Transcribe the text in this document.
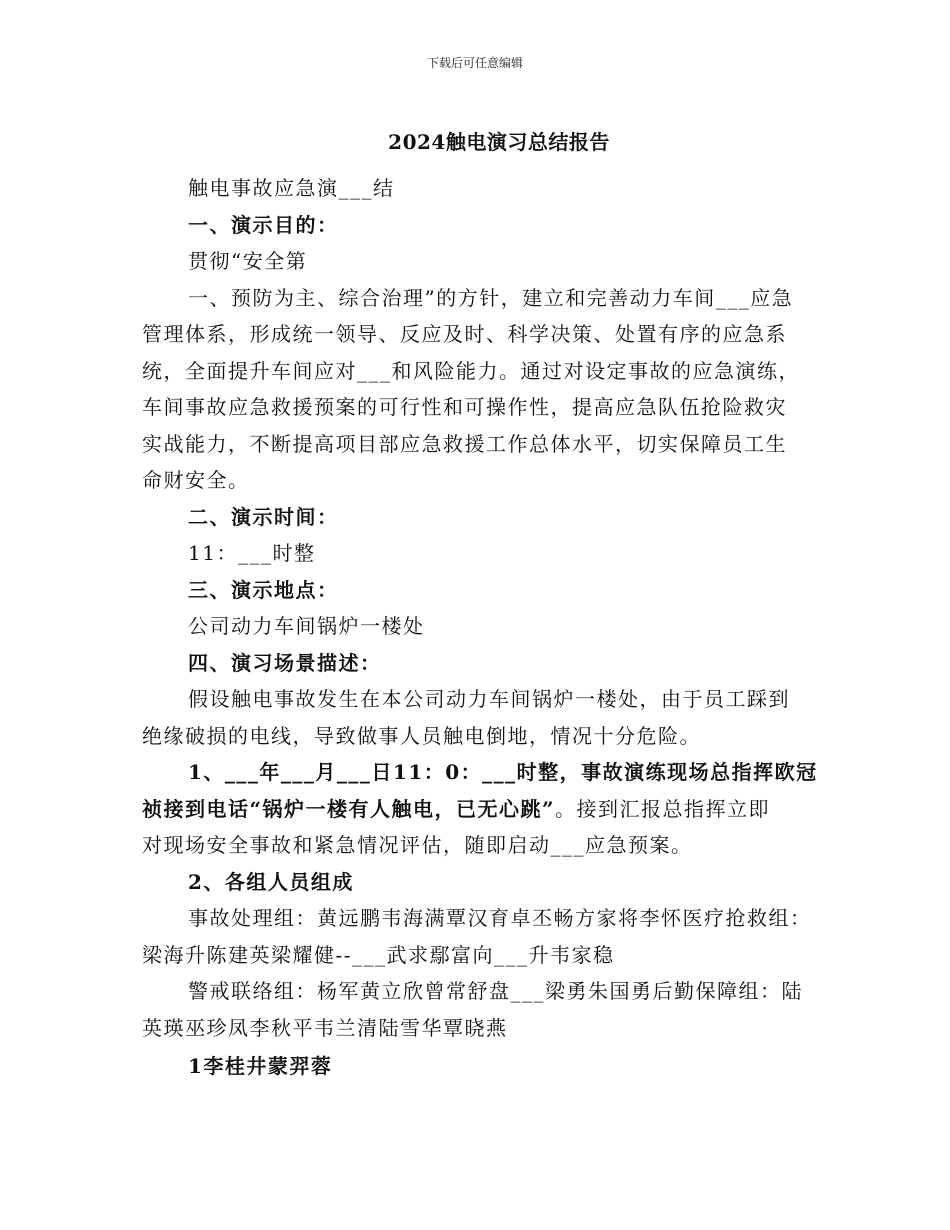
下载后可任意编辑
2024触电演习总结报告

触电事故应急演___结

一、演示目的：

贯彻“安全第

一、预防为主、综合治理”的方针，建立和完善动力车间___应急

管理体系，形成统一领导、反应及时、科学决策、处置有序的应急系

统，全面提升车间应对___和风险能力。通过对设定事故的应急演练，

车间事故应急救援预案的可行性和可操作性，提高应急队伍抢险救灾

实战能力，不断提高项目部应急救援工作总体水平，切实保障员工生

命财安全。

二、演示时间：

11：___时整

三、演示地点：

公司动力车间锅炉一楼处

四、演习场景描述：

假设触电事故发生在本公司动力车间锅炉一楼处，由于员工踩到

绝缘破损的电线，导致做事人员触电倒地，情况十分危险。

1、___年___月___日11：0：___时整，事故演练现场总指挥欧冠

祯接到电话“锅炉一楼有人触电，已无心跳”。接到汇报总指挥立即

对现场安全事故和紧急情况评估，随即启动___应急预案。

2、各组人员组成

事故处理组：黄远鹏韦海满覃汉育卓丕畅方家将李怀医疗抢救组：

梁海升陈建英梁耀健--___武求鄢富向___升韦家稳

警戒联络组：杨军黄立欣曾常舒盘___梁勇朱国勇后勤保障组：陆

英瑛巫珍凤李秋平韦兰清陆雪华覃晓燕

1李桂井蒙羿蓉
